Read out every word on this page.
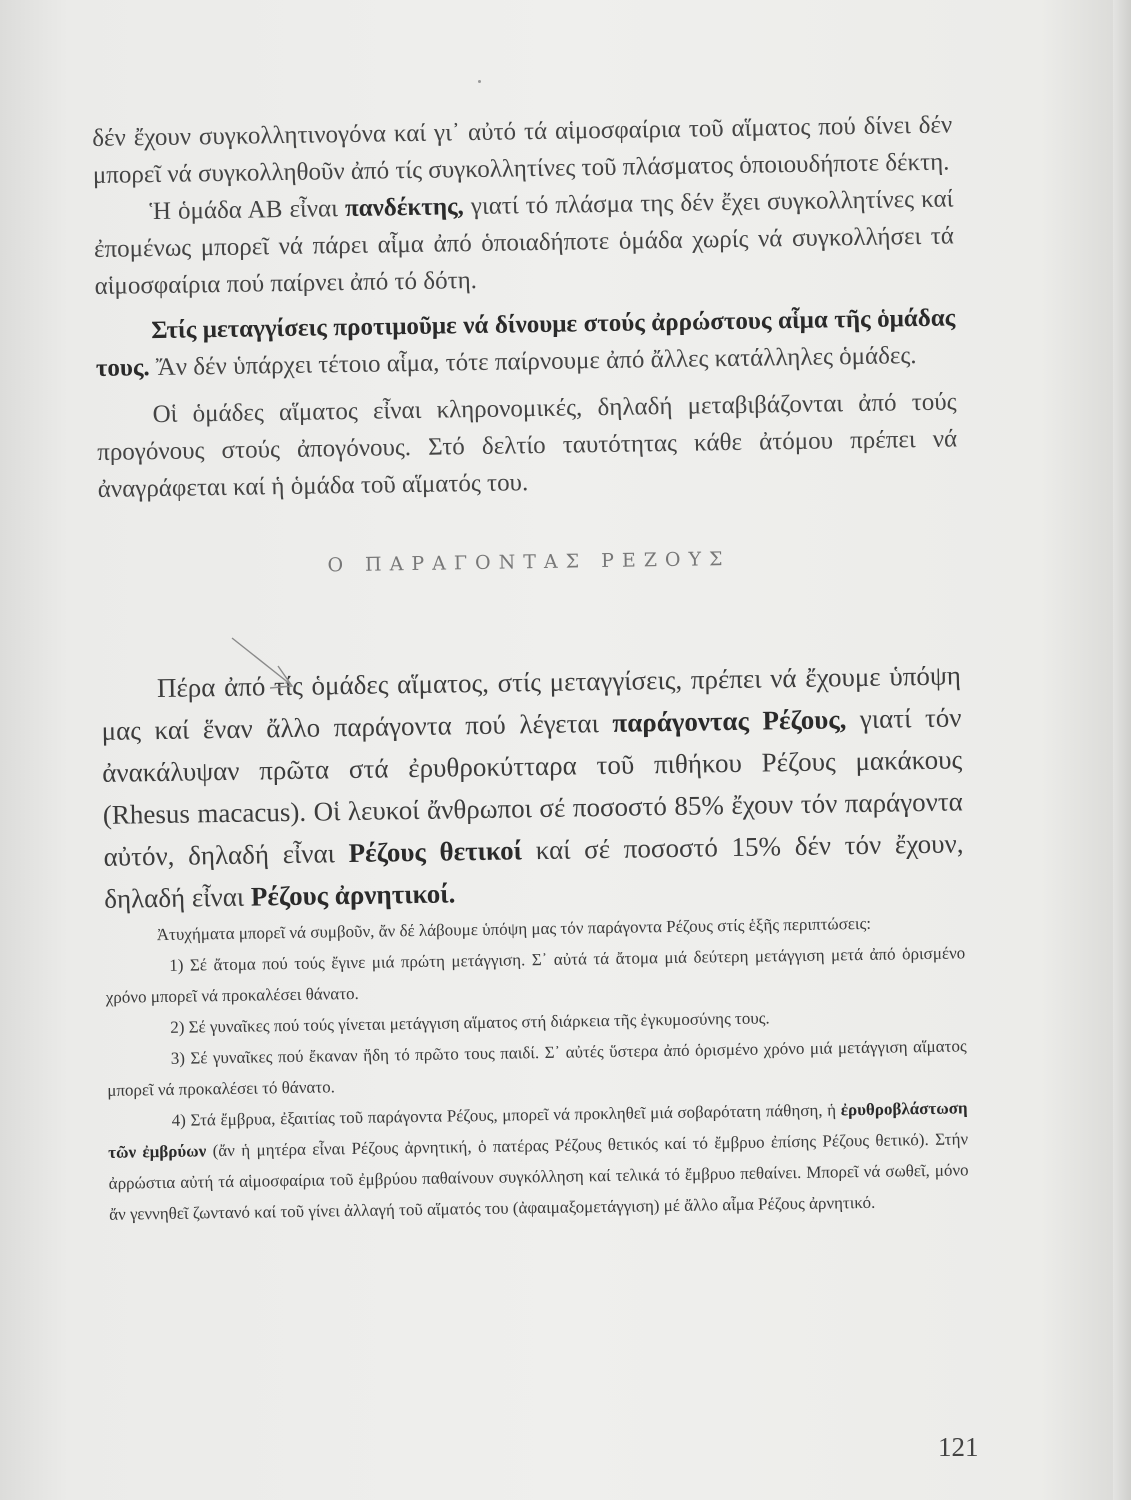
δέν ἔχουν συγκολλητινογόνα καί γι᾿ αὐτό τά αἱμοσφαίρια τοῦ αἵματος πού δίνει δέν μπορεῖ νά συγκολληθοῦν ἀπό τίς συγκολλητίνες τοῦ πλάσματος ὁποιουδήποτε δέκτη.

Ἡ ὁμάδα ΑΒ εἶναι πανδέκτης, γιατί τό πλάσμα της δέν ἔχει συγκολλητίνες καί ἐπομένως μπορεῖ νά πάρει αἷμα ἀπό ὁποιαδήποτε ὁμάδα χωρίς νά συγκολλήσει τά αἱμοσφαίρια πού παίρνει ἀπό τό δότη.

Στίς μεταγγίσεις προτιμοῦμε νά δίνουμε στούς ἀρρώστους αἷμα τῆς ὁμάδας τους. Ἄν δέν ὑπάρχει τέτοιο αἷμα, τότε παίρνουμε ἀπό ἄλλες κατάλληλες ὁμάδες.

Οἱ ὁμάδες αἵματος εἶναι κληρονομικές, δηλαδή μεταβιβάζονται ἀπό τούς προγόνους στούς ἀπογόνους. Στό δελτίο ταυτότητας κάθε ἀτόμου πρέπει νά ἀναγράφεται καί ἡ ὁμάδα τοῦ αἵματός του.

Ο ΠΑΡΑΓΟΝΤΑΣ ΡΕΖΟΥΣ

Πέρα ἀπό τίς ὁμάδες αἵματος, στίς μεταγγίσεις, πρέπει νά ἔχουμε ὑπόψη μας καί ἕναν ἄλλο παράγοντα πού λέγεται παράγοντας Ρέζους, γιατί τόν ἀνακάλυψαν πρῶτα στά ἐρυθροκύτταρα τοῦ πιθήκου Ρέζους μακάκους (Rhesus macacus). Οἱ λευκοί ἄνθρωποι σέ ποσοστό 85% ἔχουν τόν παράγοντα αὐτόν, δηλαδή εἶναι Ρέζους θετικοί καί σέ ποσοστό 15% δέν τόν ἔχουν, δηλαδή εἶναι Ρέζους ἀρνητικοί.

Ἀτυχήματα μπορεῖ νά συμβοῦν, ἄν δέ λάβουμε ὑπόψη μας τόν παράγοντα Ρέζους στίς ἑξῆς περιπτώσεις:

1) Σέ ἄτομα πού τούς ἔγινε μιά πρώτη μετάγγιση. Σ᾿ αὐτά τά ἄτομα μιά δεύτερη μετάγγιση μετά ἀπό ὁρισμένο χρόνο μπορεῖ νά προκαλέσει θάνατο.

2) Σέ γυναῖκες πού τούς γίνεται μετάγγιση αἵματος στή διάρκεια τῆς ἐγκυμοσύνης τους.

3) Σέ γυναῖκες πού ἔκαναν ἤδη τό πρῶτο τους παιδί. Σ᾿ αὐτές ὕστερα ἀπό ὁρισμένο χρόνο μιά μετάγγιση αἵματος μπορεῖ νά προκαλέσει τό θάνατο.

4) Στά ἔμβρυα, ἐξαιτίας τοῦ παράγοντα Ρέζους, μπορεῖ νά προκληθεῖ μιά σοβαρότατη πάθηση, ἡ ἐρυθροβλάστωση τῶν ἐμβρύων (ἄν ἡ μητέρα εἶναι Ρέζους ἀρνητική, ὁ πατέρας Ρέζους θετικός καί τό ἔμβρυο ἐπίσης Ρέζους θετικό). Στήν ἀρρώστια αὐτή τά αἱμοσφαίρια τοῦ ἐμβρύου παθαίνουν συγκόλληση καί τελικά τό ἔμβρυο πεθαίνει. Μπορεῖ νά σωθεῖ, μόνο ἄν γεννηθεῖ ζωντανό καί τοῦ γίνει ἀλλαγή τοῦ αἵματός του (ἀφαιμαξομετάγγιση) μέ ἄλλο αἷμα Ρέζους ἀρνητικό.

121
